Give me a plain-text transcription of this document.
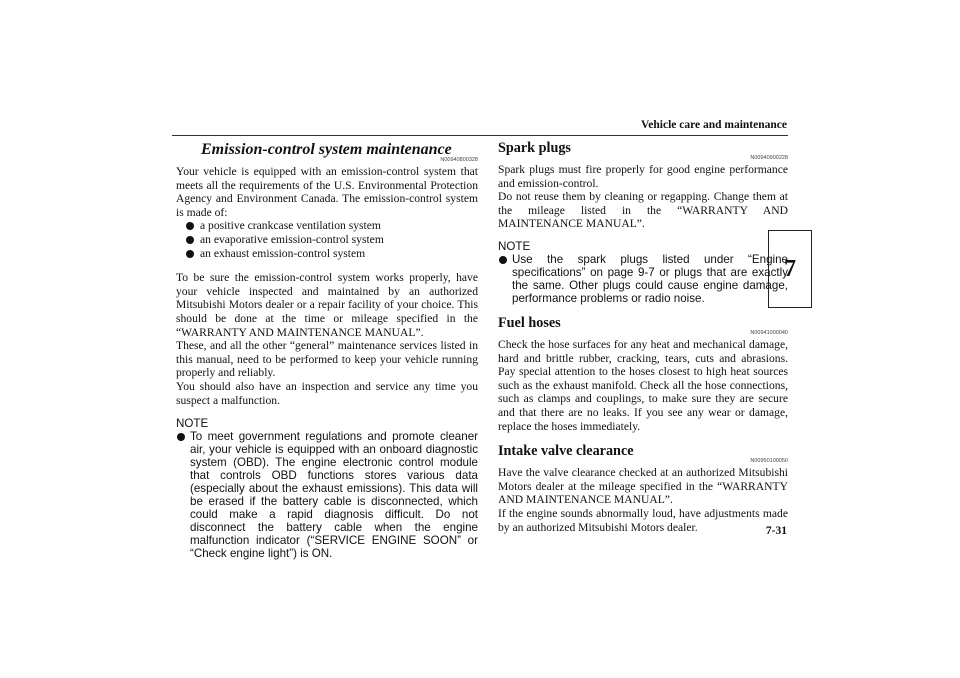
Vehicle care and maintenance
7
7-31
Emission-control system maintenance
N00940800328

Your vehicle is equipped with an emission-control system that meets all the requirements of the U.S. Environmental Protection Agency and Environment Canada. The emission-control system is made of:

a positive crankcase ventilation system
an evaporative emission-control system
an exhaust emission-control system

To be sure the emission-control system works properly, have your vehicle inspected and maintained by an authorized Mitsubishi Motors dealer or a repair facility of your choice. This should be done at the time or mileage specified in the “WARRANTY AND MAINTENANCE MANUAL”.

These, and all the other “general” maintenance services listed in this manual, need to be performed to keep your vehicle running properly and reliably.

You should also have an inspection and service any time you suspect a malfunction.

NOTE
To meet government regulations and promote cleaner air, your vehicle is equipped with an onboard diagnostic system (OBD). The engine electronic control module that controls OBD functions stores various data (especially about the exhaust emissions). This data will be erased if the battery cable is disconnected, which could make a rapid diagnosis difficult. Do not disconnect the battery cable when the engine malfunction indicator (“SERVICE ENGINE SOON” or “Check engine light”) is ON.
Spark plugs
N00940900228

Spark plugs must fire properly for good engine performance and emission-control.

Do not reuse them by cleaning or regapping. Change them at the mileage listed in the “WARRANTY AND MAINTENANCE MANUAL”.

NOTE
Use the spark plugs listed under “Engine specifications” on page 9-7 or plugs that are exactly the same. Other plugs could cause engine damage, performance problems or radio noise.
Fuel hoses
N00941000040

Check the hose surfaces for any heat and mechanical damage, hard and brittle rubber, cracking, tears, cuts and abrasions. Pay special attention to the hoses closest to high heat sources such as the exhaust manifold. Check all the hose connections, such as clamps and couplings, to make sure they are secure and that there are no leaks. If you see any wear or damage, replace the hoses immediately.

Intake valve clearance
N00950100050

Have the valve clearance checked at an authorized Mitsubishi Motors dealer at the mileage specified in the “WARRANTY AND MAINTENANCE MANUAL”.

If the engine sounds abnormally loud, have adjustments made by an authorized Mitsubishi Motors dealer.
